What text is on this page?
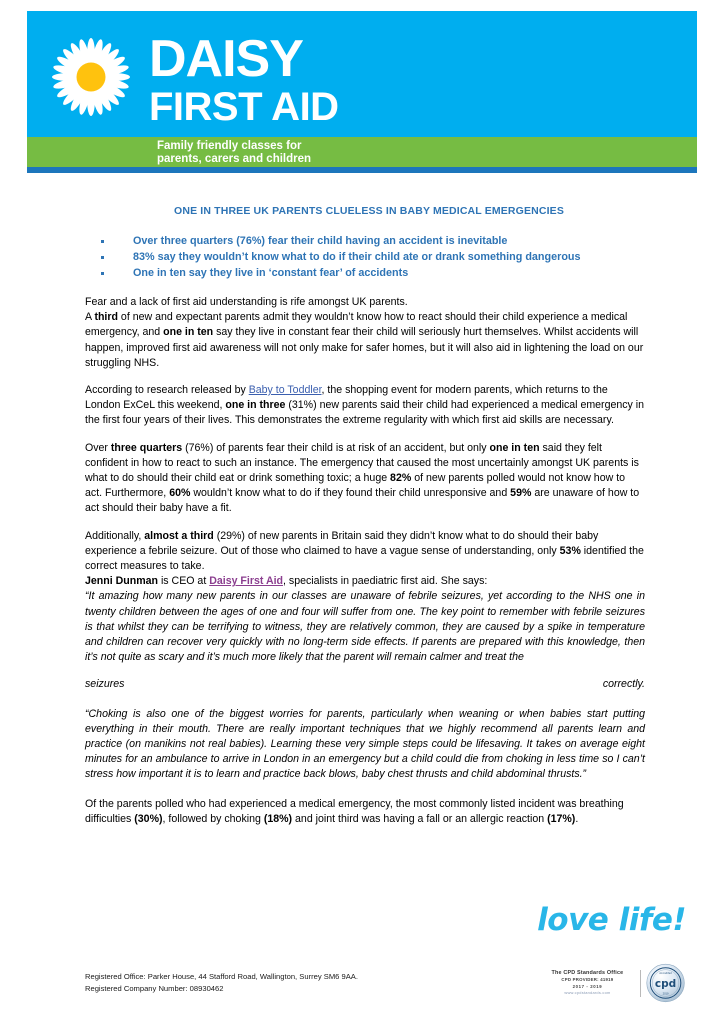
DAISY
FIRST AID
Family friendly classes for
parents, carers and children
ONE IN THREE UK PARENTS CLUELESS IN BABY MEDICAL EMERGENCIES
Over three quarters (76%) fear their child having an accident is inevitable
83% say they wouldn’t know what to do if their child ate or drank something dangerous
One in ten say they live in ‘constant fear’ of accidents

Fear and a lack of first aid understanding is rife amongst UK parents.
A third of new and expectant parents admit they wouldn’t know how to react should their child experience a medical emergency, and one in ten say they live in constant fear their child will seriously hurt themselves. Whilst accidents will happen, improved first aid awareness will not only make for safer homes, but it will also aid in lightening the load on our struggling NHS.

According to research released by Baby to Toddler, the shopping event for modern parents, which returns to the London ExCeL this weekend, one in three (31%) new parents said their child had experienced a medical emergency in the first four years of their lives. This demonstrates the extreme regularity with which first aid skills are necessary.

Over three quarters (76%) of parents fear their child is at risk of an accident, but only one in ten said they felt confident in how to react to such an instance. The emergency that caused the most uncertainly amongst UK parents is what to do should their child eat or drink something toxic; a huge 82% of new parents polled would not know how to act. Furthermore, 60% wouldn’t know what to do if they found their child unresponsive and 59% are unaware of how to act should their baby have a fit.

Additionally, almost a third (29%) of new parents in Britain said they didn’t know what to do should their baby experience a febrile seizure. Out of those who claimed to have a vague sense of understanding, only 53% identified the correct measures to take.

Jenni Dunman is CEO at Daisy First Aid, specialists in paediatric first aid. She says:

“It amazing how many new parents in our classes are unaware of febrile seizures, yet according to the NHS one in twenty children between the ages of one and four will suffer from one. The key point to remember with febrile seizures is that whilst they can be terrifying to witness, they are relatively common, they are caused by a spike in temperature and children can recover very quickly with no long-term side effects. If parents are prepared with this knowledge, then it’s not quite as scary and it’s much more likely that the parent will remain calmer and treat the

seizures	correctly.

“Choking is also one of the biggest worries for parents, particularly when weaning or when babies start putting everything in their mouth. There are really important techniques that we highly recommend all parents learn and practice (on manikins not real babies). Learning these very simple steps could be lifesaving. It takes on average eight minutes for an ambulance to arrive in London in an emergency but a child could die from choking in less time so I can’t stress how important it is to learn and practice back blows, baby chest thrusts and child abdominal thrusts.”

Of the parents polled who had experienced a medical emergency, the most commonly listed incident was breathing difficulties (30%), followed by choking (18%) and joint third was having a fall or an allergic reaction (17%).

love life!
The CPD Standards Office
CPD PROVIDER: 41919
2017 - 2019
www.cpdstandards.com
cpd
Accredited
2019
Registered Office: Parker House, 44 Stafford Road, Wallington, Surrey SM6 9AA.
Registered Company Number: 08930462
